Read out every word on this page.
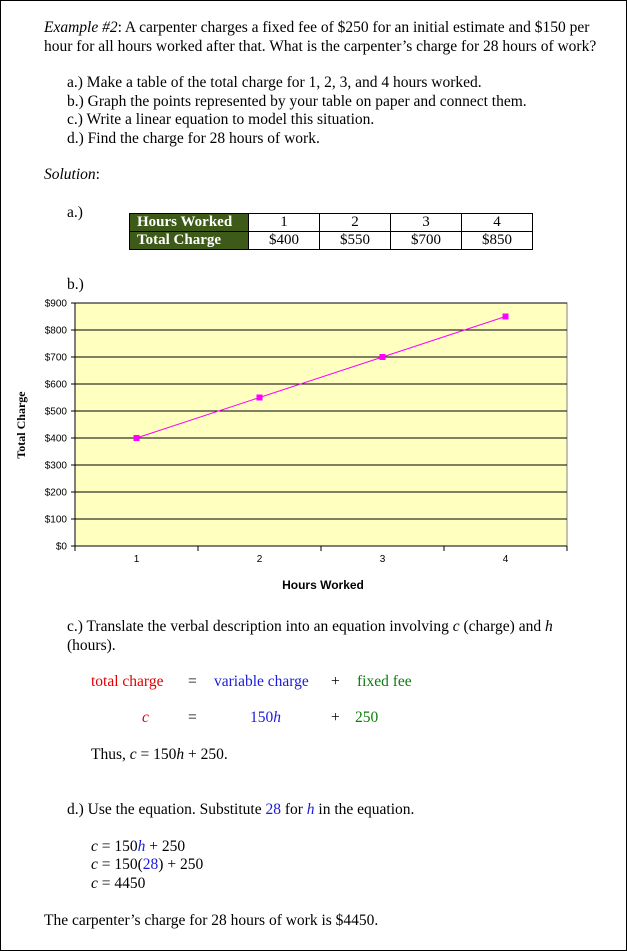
Example #2: A carpenter charges a fixed fee of $250 for an initial estimate and $150 per
hour for all hours worked after that. What is the carpenter’s charge for 28 hours of work?
a.) Make a table of the total charge for 1, 2, 3, and 4 hours worked.
b.) Graph the points represented by your table on paper and connect them.
c.) Write a linear equation to model this situation.
d.) Find the charge for 28 hours of work.
Solution:
a.)
Hours Worked	1	2	3	4
Total Charge	$400	$550	$700	$850
b.)
$0
$100
$200
$300
$400
$500
$600
$700
$800
$900
1	2	3	4
Total Charge
Hours Worked
c.) Translate the verbal description into an equation involving c (charge) and h
(hours).
total charge = variable charge + fixed fee
c	=	150h	+ 250
Thus, c = 150h + 250.
d.) Use the equation. Substitute 28 for h in the equation.
c = 150h + 250
c = 150(28) + 250
c = 4450
The carpenter’s charge for 28 hours of work is $4450.
